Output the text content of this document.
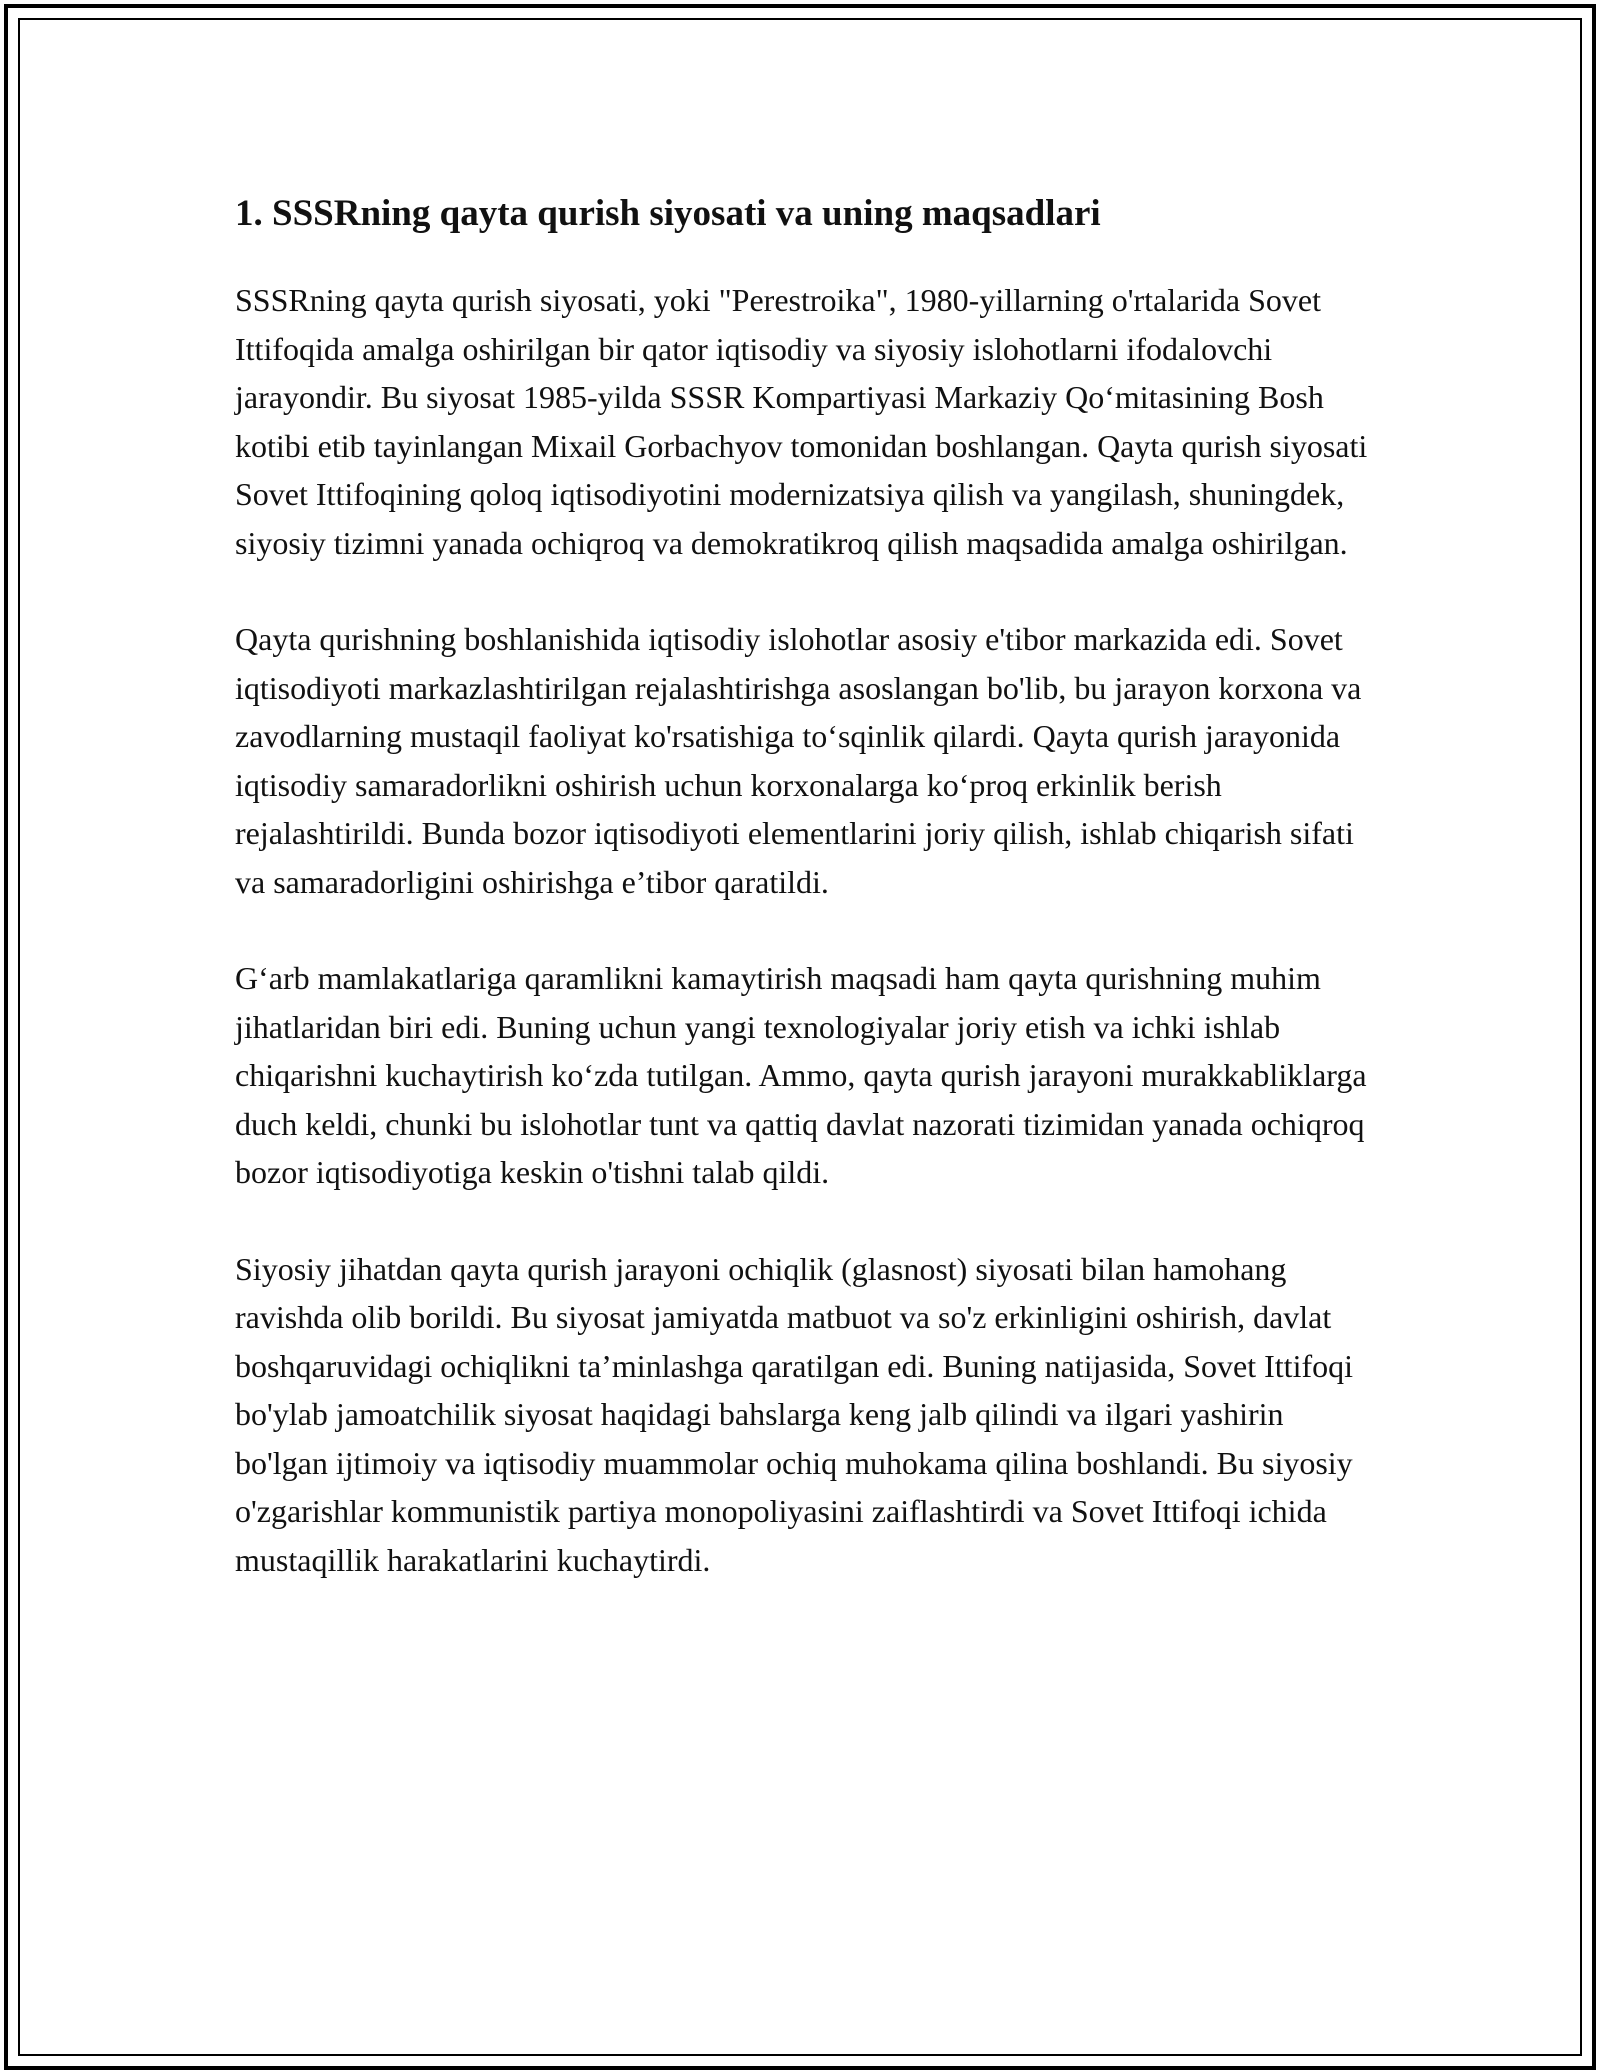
1. SSSRning qayta qurish siyosati va uning maqsadlari

SSSRning qayta qurish siyosati, yoki "Perestroika", 1980-yillarning o'rtalarida Sovet Ittifoqida amalga oshirilgan bir qator iqtisodiy va siyosiy islohotlarni ifodalovchi jarayondir. Bu siyosat 1985-yilda SSSR Kompartiyasi Markaziy Qo‘mitasining Bosh kotibi etib tayinlangan Mixail Gorbachyov tomonidan boshlangan. Qayta qurish siyosati Sovet Ittifoqining qoloq iqtisodiyotini modernizatsiya qilish va yangilash, shuningdek, siyosiy tizimni yanada ochiqroq va demokratikroq qilish maqsadida amalga oshirilgan.

Qayta qurishning boshlanishida iqtisodiy islohotlar asosiy e'tibor markazida edi. Sovet iqtisodiyoti markazlashtirilgan rejalashtirishga asoslangan bo'lib, bu jarayon korxona va zavodlarning mustaqil faoliyat ko'rsatishiga to‘sqinlik qilardi. Qayta qurish jarayonida iqtisodiy samaradorlikni oshirish uchun korxonalarga ko‘proq erkinlik berish rejalashtirildi. Bunda bozor iqtisodiyoti elementlarini joriy qilish, ishlab chiqarish sifati va samaradorligini oshirishga e’tibor qaratildi.

G‘arb mamlakatlariga qaramlikni kamaytirish maqsadi ham qayta qurishning muhim jihatlaridan biri edi. Buning uchun yangi texnologiyalar joriy etish va ichki ishlab chiqarishni kuchaytirish ko‘zda tutilgan. Ammo, qayta qurish jarayoni murakkabliklarga duch keldi, chunki bu islohotlar tunt va qattiq davlat nazorati tizimidan yanada ochiqroq bozor iqtisodiyotiga keskin o'tishni talab qildi.

Siyosiy jihatdan qayta qurish jarayoni ochiqlik (glasnost) siyosati bilan hamohang ravishda olib borildi. Bu siyosat jamiyatda matbuot va so'z erkinligini oshirish, davlat boshqaruvidagi ochiqlikni ta’minlashga qaratilgan edi. Buning natijasida, Sovet Ittifoqi bo'ylab jamoatchilik siyosat haqidagi bahslarga keng jalb qilindi va ilgari yashirin bo'lgan ijtimoiy va iqtisodiy muammolar ochiq muhokama qilina boshlandi. Bu siyosiy o'zgarishlar kommunistik partiya monopoliyasini zaiflashtirdi va Sovet Ittifoqi ichida mustaqillik harakatlarini kuchaytirdi.
